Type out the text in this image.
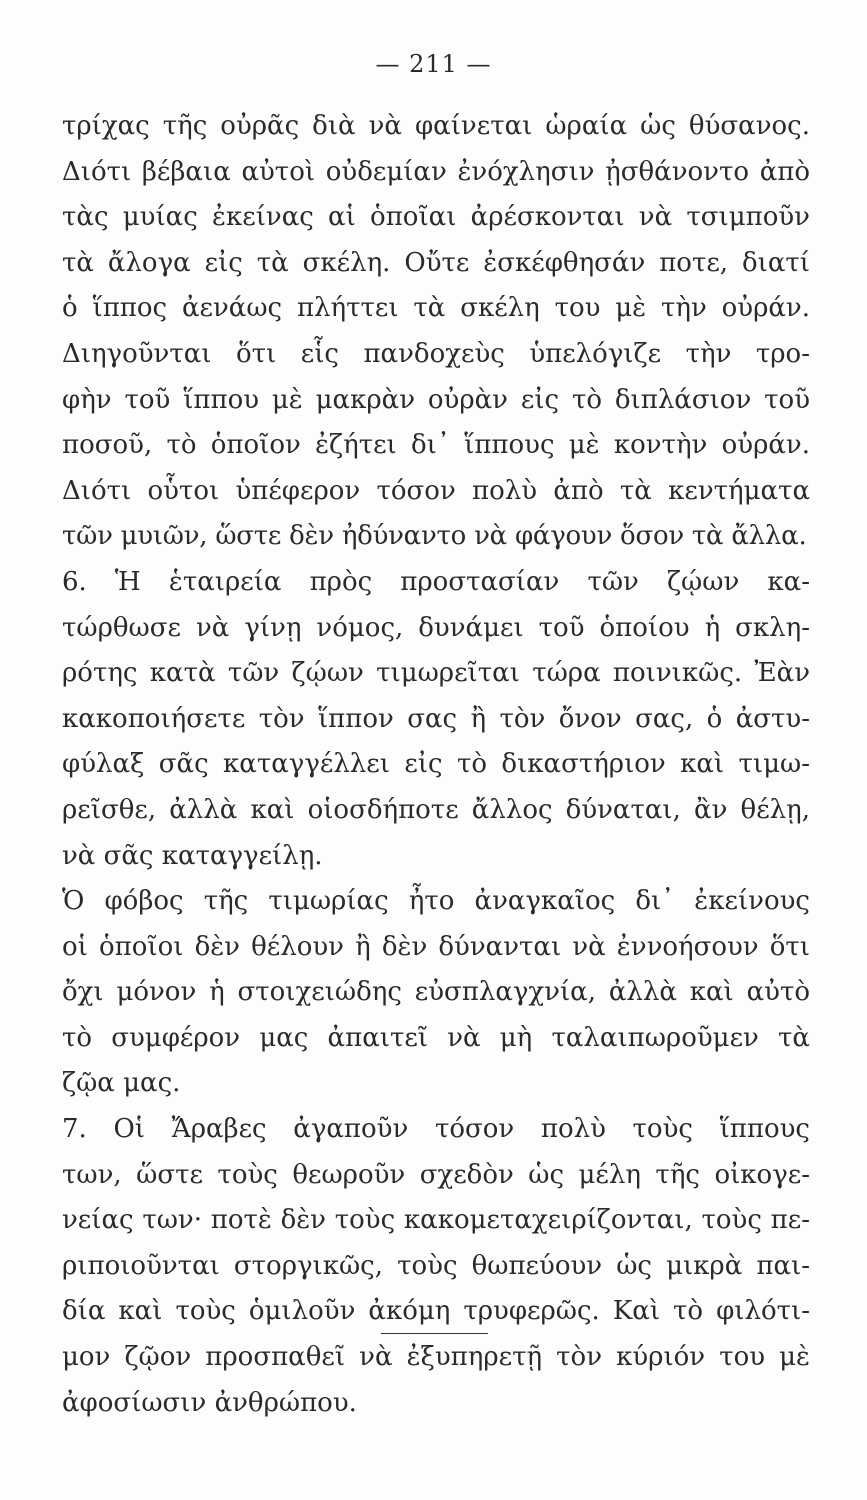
— 211 —
τρίχας τῆς οὐρᾶς διὰ νὰ φαίνεται ὡραία ὡς θύσανος.
Διότι βέβαια αὐτοὶ οὐδεμίαν ἐνόχλησιν ᾐσθάνοντο ἀπὸ
τὰς μυίας ἐκείνας αἱ ὁποῖαι ἀρέσκονται νὰ τσιμποῦν
τὰ ἄλογα εἰς τὰ σκέλη. Οὔτε ἐσκέφθησάν ποτε, διατί
ὁ ἵππος ἀενάως πλήττει τὰ σκέλη του μὲ τὴν οὐράν.
Διηγοῦνται ὅτι εἷς πανδοχεὺς ὑπελόγιζε τὴν τρο-
φὴν τοῦ ἵππου μὲ μακρὰν οὐρὰν εἰς τὸ διπλάσιον τοῦ
ποσοῦ, τὸ ὁποῖον ἐζήτει δι᾽ ἵππους μὲ κοντὴν οὐράν.
Διότι οὗτοι ὑπέφερον τόσον πολὺ ἀπὸ τὰ κεντήματα
τῶν μυιῶν, ὥστε δὲν ἠδύναντο νὰ φάγουν ὅσον τὰ ἄλλα.
6. Ἡ ἑταιρεία πρὸς προστασίαν τῶν ζῴων κα-
τώρθωσε νὰ γίνῃ νόμος, δυνάμει τοῦ ὁποίου ἡ σκλη-
ρότης κατὰ τῶν ζῴων τιμωρεῖται τώρα ποινικῶς. Ἐὰν
κακοποιήσετε τὸν ἵππον σας ἢ τὸν ὄνον σας, ὁ ἀστυ-
φύλαξ σᾶς καταγγέλλει εἰς τὸ δικαστήριον καὶ τιμω-
ρεῖσθε, ἀλλὰ καὶ οἱοσδήποτε ἄλλος δύναται, ἂν θέλῃ,
νὰ σᾶς καταγγείλῃ.
Ὁ φόβος τῆς τιμωρίας ἦτο ἀναγκαῖος δι᾽ ἐκείνους
οἱ ὁποῖοι δὲν θέλουν ἢ δὲν δύνανται νὰ ἐννοήσουν ὅτι
ὄχι μόνον ἡ στοιχειώδης εὐσπλαγχνία, ἀλλὰ καὶ αὐτὸ
τὸ συμφέρον μας ἀπαιτεῖ νὰ μὴ ταλαιπωροῦμεν τὰ
ζῷα μας.
7. Οἱ Ἄραβες ἀγαποῦν τόσον πολὺ τοὺς ἵππους
των, ὥστε τοὺς θεωροῦν σχεδὸν ὡς μέλη τῆς οἰκογε-
νείας των· ποτὲ δὲν τοὺς κακομεταχειρίζονται, τοὺς πε-
ριποιοῦνται στοργικῶς, τοὺς θωπεύουν ὡς μικρὰ παι-
δία καὶ τοὺς ὁμιλοῦν ἀκόμη τρυφερῶς. Καὶ τὸ φιλότι-
μον ζῷον προσπαθεῖ νὰ ἐξυπηρετῇ τὸν κύριόν του μὲ
ἀφοσίωσιν ἀνθρώπου.
